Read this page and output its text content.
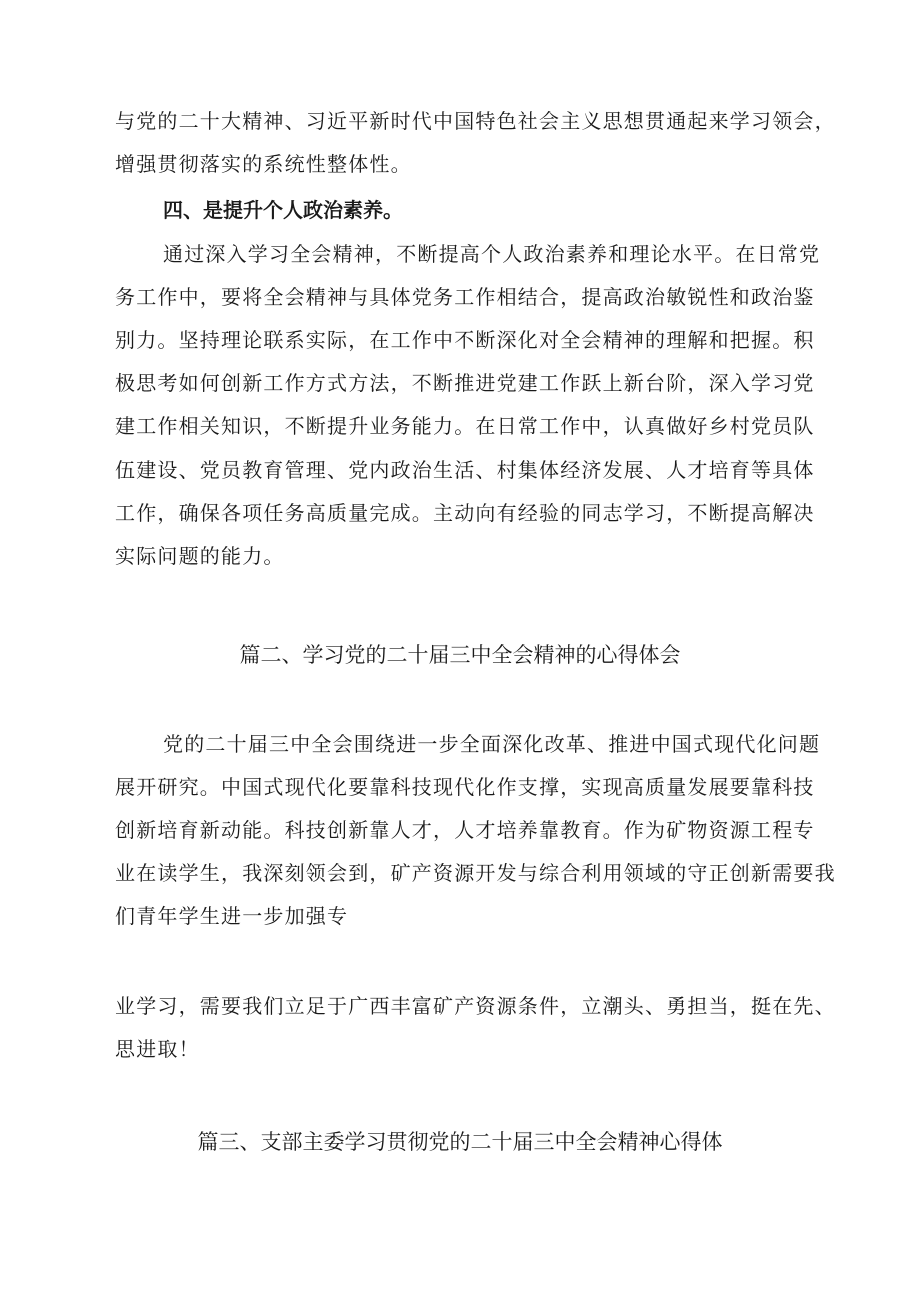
与党的二十大精神、习近平新时代中国特色社会主义思想贯通起来学习领会，
增强贯彻落实的系统性整体性。
四、是提升个人政治素养。
通过深入学习全会精神，不断提高个人政治素养和理论水平。在日常党
务工作中，要将全会精神与具体党务工作相结合，提高政治敏锐性和政治鉴
别力。坚持理论联系实际，在工作中不断深化对全会精神的理解和把握。积
极思考如何创新工作方式方法，不断推进党建工作跃上新台阶，深入学习党
建工作相关知识，不断提升业务能力。在日常工作中，认真做好乡村党员队
伍建设、党员教育管理、党内政治生活、村集体经济发展、人才培育等具体
工作，确保各项任务高质量完成。主动向有经验的同志学习，不断提高解决
实际问题的能力。
篇二、学习党的二十届三中全会精神的心得体会
党的二十届三中全会围绕进一步全面深化改革、推进中国式现代化问题
展开研究。中国式现代化要靠科技现代化作支撑，实现高质量发展要靠科技
创新培育新动能。科技创新靠人才，人才培养靠教育。作为矿物资源工程专
业在读学生，我深刻领会到，矿产资源开发与综合利用领域的守正创新需要我
们青年学生进一步加强专
业学习，需要我们立足于广西丰富矿产资源条件，立潮头、勇担当，挺在先、
思进取！
篇三、支部主委学习贯彻党的二十届三中全会精神心得体
